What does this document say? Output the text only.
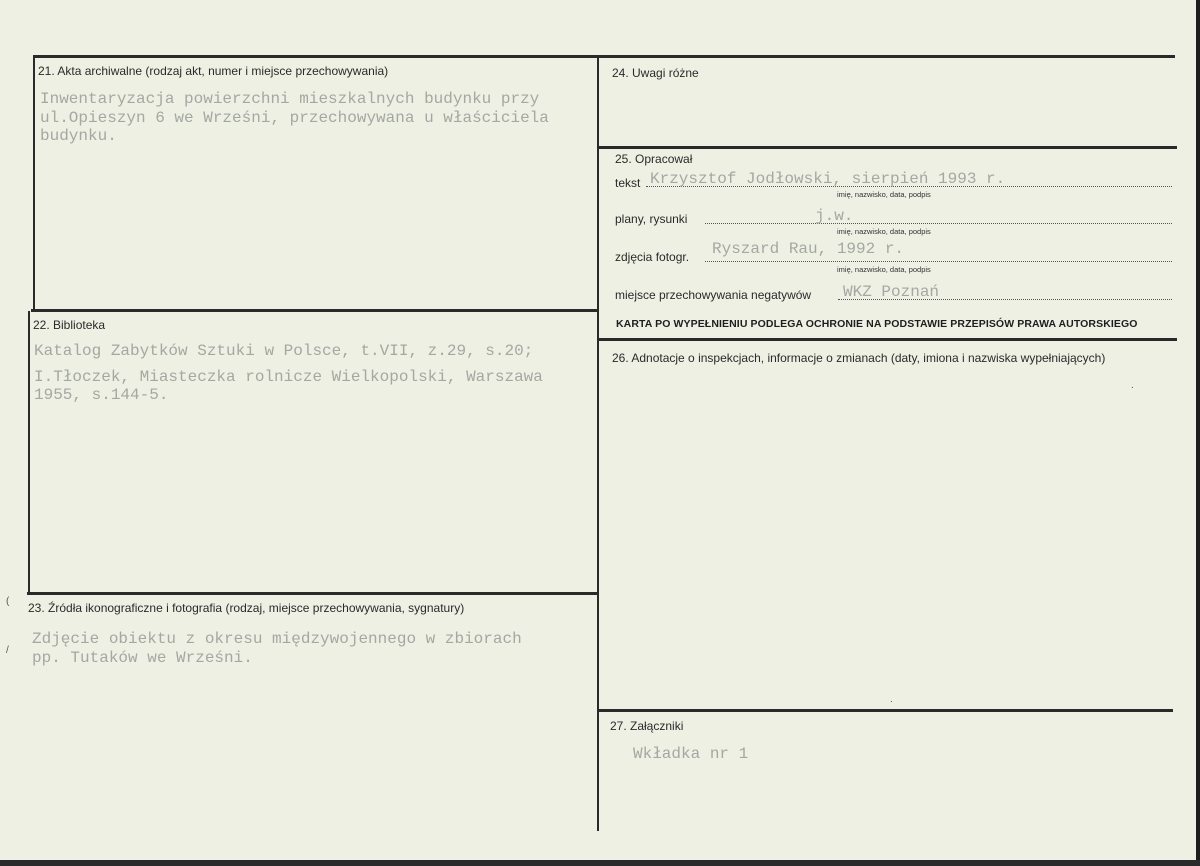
21. Akta archiwalne (rodzaj akt, numer i miejsce przechowywania)
Inwentaryzacja powierzchni mieszkalnych budynku przy
ul.Opieszyn 6 we Wrześni, przechowywana u właściciela
budynku.
22. Biblioteka
Katalog Zabytków Sztuki w Polsce, t.VII, z.29, s.20;
I.Tłoczek, Miasteczka rolnicze Wielkopolski, Warszawa
1955, s.144-5.
23. Źródła ikonograficzne i fotografia (rodzaj, miejsce przechowywania, sygnatury)
Zdjęcie obiektu z okresu międzywojennego w zbiorach
pp. Tutaków we Wrześni.
24. Uwagi różne
25. Opracował
tekst Krzysztof Jodłowski, sierpień 1993 r.
imię, nazwisko, data, podpis
plany, rysunki	j.w.
imię, nazwisko, data, podpis
zdjęcia fotogr. Ryszard Rau, 1992 r.
imię, nazwisko, data, podpis
miejsce przechowywania negatywów WKZ Poznań
KARTA PO WYPEŁNIENIU PODLEGA OCHRONIE NA PODSTAWIE PRZEPISÓW PRAWA AUTORSKIEGO
26. Adnotacje o inspekcjach, informacje o zmianach (daty, imiona i nazwiska wypełniających)
27. Załączniki
Wkładka nr 1
.
.
(
/
